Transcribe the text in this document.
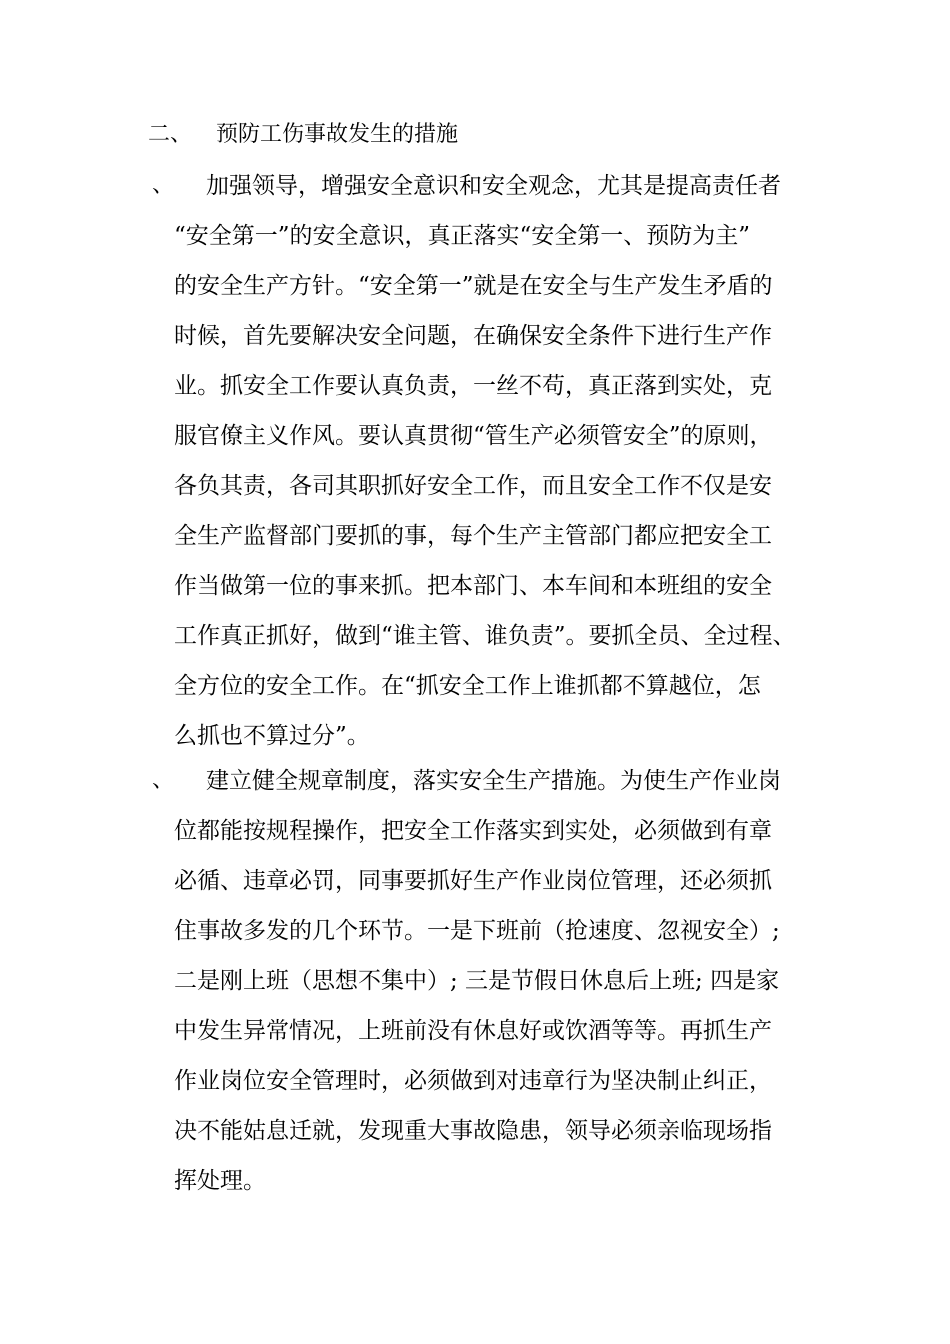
二、 预防工伤事故发生的措施
、	加强领导，增强安全意识和安全观念，尤其是提高责任者
“安全第一”的安全意识，真正落实“安全第一、预防为主”
的安全生产方针。“安全第一”就是在安全与生产发生矛盾的
时候，首先要解决安全问题，在确保安全条件下进行生产作
业。抓安全工作要认真负责，一丝不苟，真正落到实处，克
服官僚主义作风。要认真贯彻“管生产必须管安全”的原则，
各负其责，各司其职抓好安全工作，而且安全工作不仅是安
全生产监督部门要抓的事，每个生产主管部门都应把安全工
作当做第一位的事来抓。把本部门、本车间和本班组的安全
工作真正抓好，做到“谁主管、谁负责”。要抓全员、全过程、
全方位的安全工作。在“抓安全工作上谁抓都不算越位，怎
么抓也不算过分”。
、	建立健全规章制度，落实安全生产措施。为使生产作业岗
位都能按规程操作，把安全工作落实到实处，必须做到有章
必循、违章必罚，同事要抓好生产作业岗位管理，还必须抓
住事故多发的几个环节。一是下班前（抢速度、忽视安全）;
二是刚上班（思想不集中）; 三是节假日休息后上班; 四是家
中发生异常情况，上班前没有休息好或饮酒等等。再抓生产
作业岗位安全管理时，必须做到对违章行为坚决制止纠正，
决不能姑息迁就，发现重大事故隐患，领导必须亲临现场指
挥处理。
